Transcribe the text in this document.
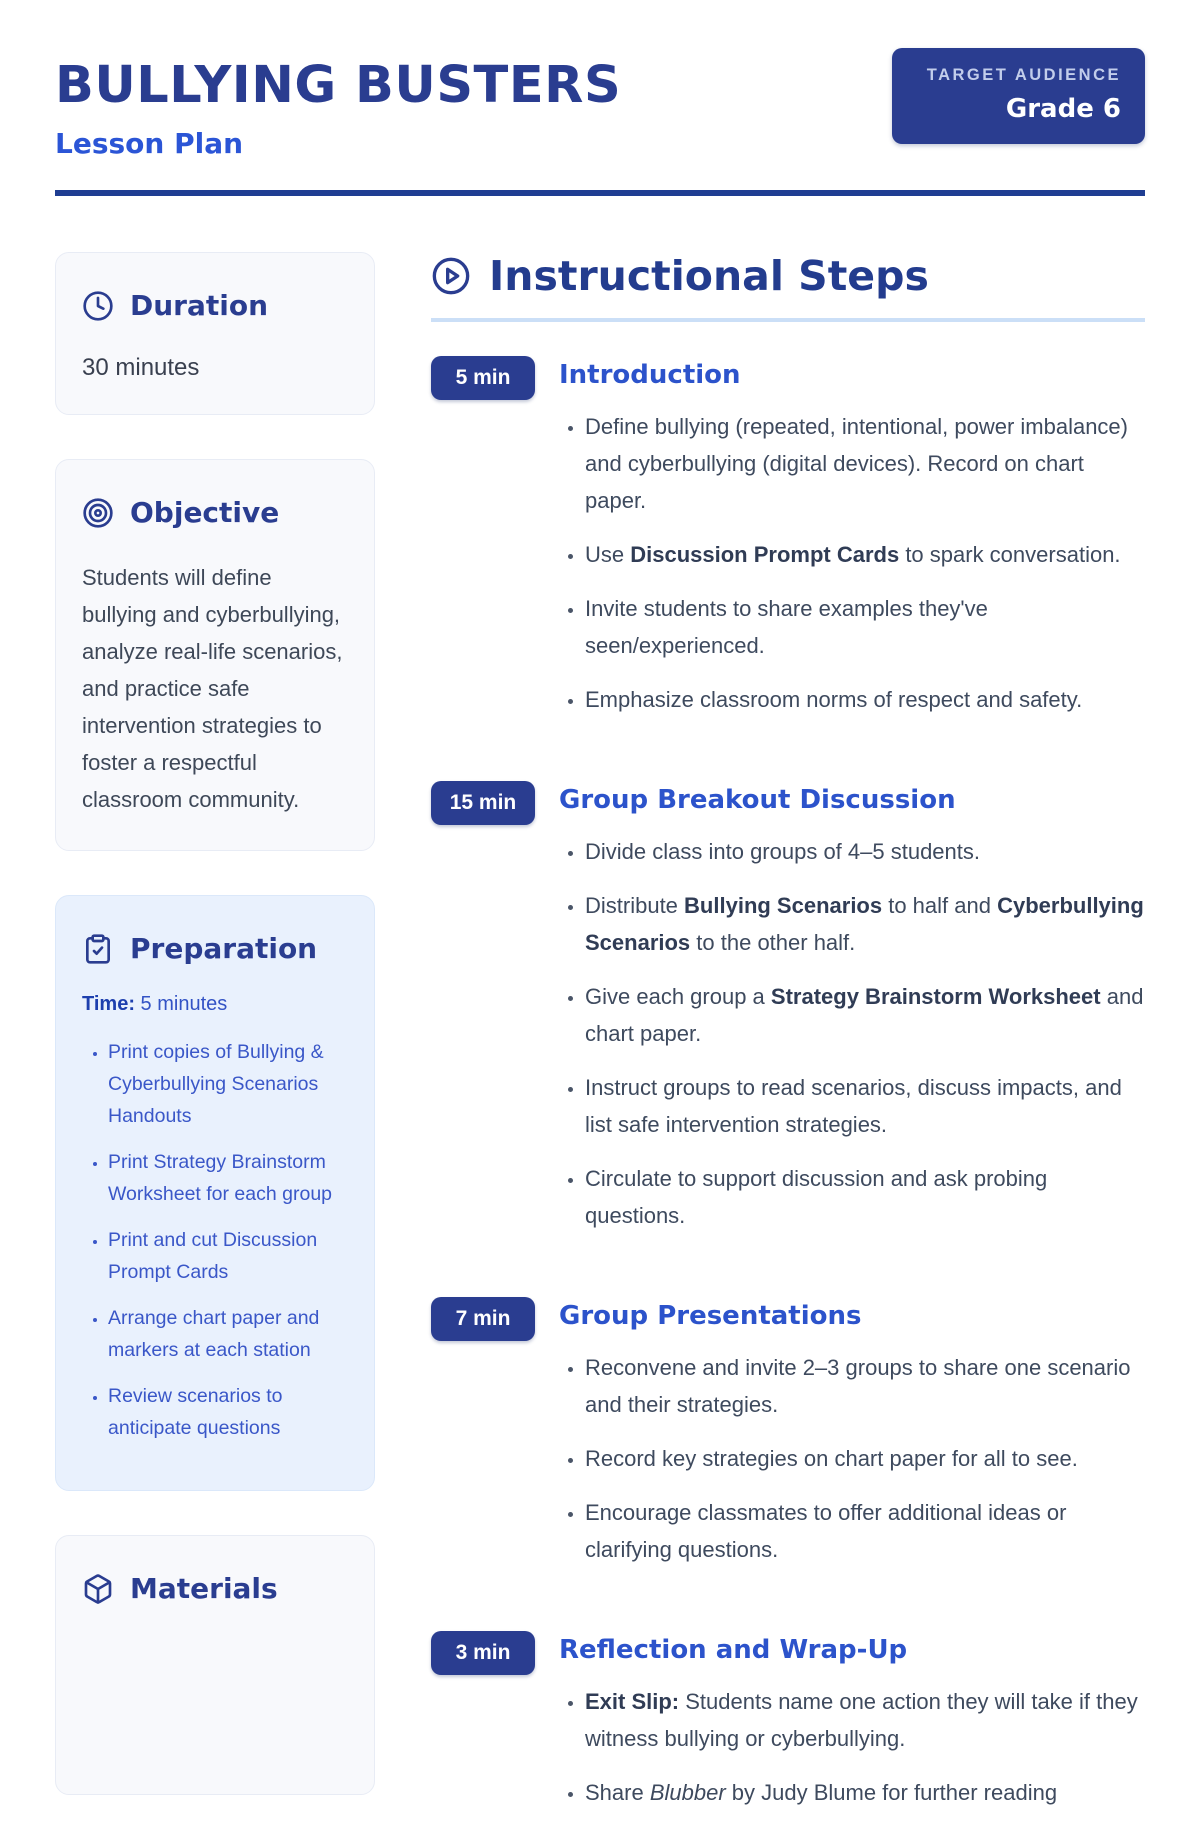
BULLYING BUSTERS
Lesson Plan
TARGET AUDIENCE
Grade 6
Duration
30 minutes
Objective
Students will define bullying and cyberbullying, analyze real-life scenarios, and practice safe intervention strategies to foster a respectful classroom community.
Preparation
Time: 5 minutes
• Print copies of Bullying & Cyberbullying Scenarios Handouts
• Print Strategy Brainstorm Worksheet for each group
• Print and cut Discussion Prompt Cards
• Arrange chart paper and markers at each station
• Review scenarios to anticipate questions
Materials
Instructional Steps
5 min	Introduction
• Define bullying (repeated, intentional, power imbalance) and cyberbullying (digital devices). Record on chart paper.
• Use Discussion Prompt Cards to spark conversation.
• Invite students to share examples they've seen/experienced.
• Emphasize classroom norms of respect and safety.
15 min	Group Breakout Discussion
• Divide class into groups of 4–5 students.
• Distribute Bullying Scenarios to half and Cyberbullying Scenarios to the other half.
• Give each group a Strategy Brainstorm Worksheet and chart paper.
• Instruct groups to read scenarios, discuss impacts, and list safe intervention strategies.
• Circulate to support discussion and ask probing questions.
7 min	Group Presentations
• Reconvene and invite 2–3 groups to share one scenario and their strategies.
• Record key strategies on chart paper for all to see.
• Encourage classmates to offer additional ideas or clarifying questions.
3 min	Reflection and Wrap-Up
• Exit Slip: Students name one action they will take if they witness bullying or cyberbullying.
• Share Blubber by Judy Blume for further reading
